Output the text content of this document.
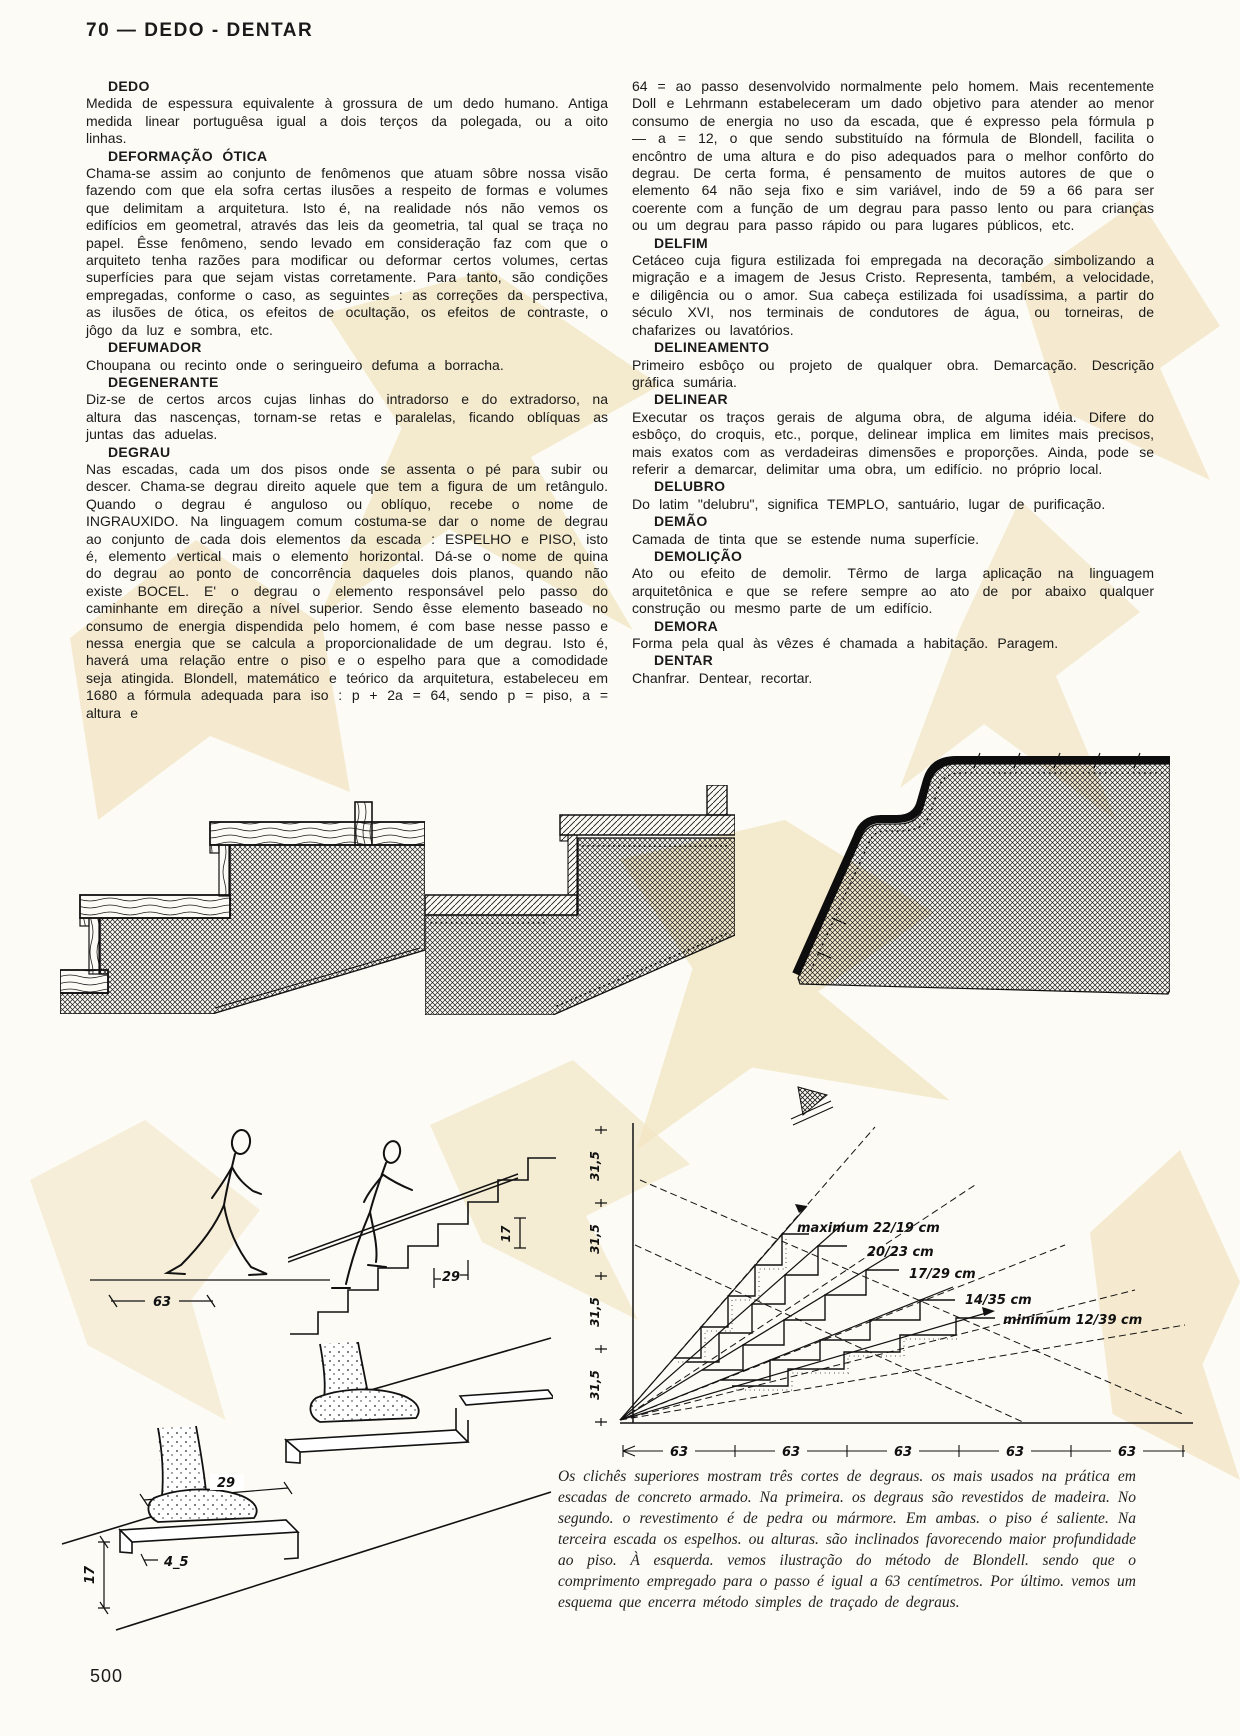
70 — DEDO - DENTAR
DEDO
Medida de espessura equivalente à grossura de um dedo humano. Antiga medida linear portuguêsa igual a dois terços da polegada, ou a oito linhas.
DEFORMAÇÃO ÓTICA
Chama-se assim ao conjunto de fenômenos que atuam sôbre nossa visão fazendo com que ela sofra certas ilusões a respeito de formas e volumes que delimitam a arquitetura. Isto é, na realidade nós não vemos os edifícios em geometral, através das leis da geometria, tal qual se traça no papel. Êsse fenômeno, sendo levado em consideração faz com que o arquiteto tenha razões para modificar ou deformar certos volumes, certas superfícies para que sejam vistas corretamente. Para tanto, são condições empregadas, conforme o caso, as seguintes : as correções da perspectiva, as ilusões de ótica, os efeitos de ocultação, os efeitos de contraste, o jôgo da luz e sombra, etc.
DEFUMADOR
Choupana ou recinto onde o seringueiro defuma a borracha.
DEGENERANTE
Diz-se de certos arcos cujas linhas do intradorso e do extradorso, na altura das nascenças, tornam-se retas e paralelas, ficando oblíquas as juntas das aduelas.
DEGRAU
Nas escadas, cada um dos pisos onde se assenta o pé para subir ou descer. Chama-se degrau direito aquele que tem a figura de um retângulo. Quando o degrau é anguloso ou oblíquo, recebe o nome de INGRAUXIDO. Na linguagem comum costuma-se dar o nome de degrau ao conjunto de cada dois elementos da escada : ESPELHO e PISO, isto é, elemento vertical mais o elemento horizontal. Dá-se o nome de quina do degrau ao ponto de concorrência daqueles dois planos, quando não existe BOCEL. E' o degrau o elemento responsável pelo passo do caminhante em direção a nível superior. Sendo êsse elemento baseado no consumo de energia dispendida pelo homem, é com base nesse passo e nessa energia que se calcula a proporcionalidade de um degrau. Isto é, haverá uma relação entre o piso e o espelho para que a comodidade seja atingida. Blondell, matemático e teórico da arquitetura, estabeleceu em 1680 a fórmula adequada para iso : p + 2a = 64, sendo p = piso, a = altura e
64 = ao passo desenvolvido normalmente pelo homem. Mais recentemente Doll e Lehrmann estabeleceram um dado objetivo para atender ao menor consumo de energia no uso da escada, que é expresso pela fórmula p — a = 12, o que sendo substituído na fórmula de Blondell, facilita o encôntro de uma altura e do piso adequados para o melhor confôrto do degrau. De certa forma, é pensamento de muitos autores de que o elemento 64 não seja fixo e sim variável, indo de 59 a 66 para ser coerente com a função de um degrau para passo lento ou para crianças ou um degrau para passo rápido ou para lugares públicos, etc.
DELFIM
Cetáceo cuja figura estilizada foi empregada na decoração simbolizando a migração e a imagem de Jesus Cristo. Representa, também, a velocidade, e diligência ou o amor. Sua cabeça estilizada foi usadíssima, a partir do século XVI, nos terminais de condutores de água, ou torneiras, de chafarizes ou lavatórios.
DELINEAMENTO
Primeiro esbôço ou projeto de qualquer obra. Demarcação. Descrição gráfica sumária.
DELINEAR
Executar os traços gerais de alguma obra, de alguma idéia. Difere do esbôço, do croquis, etc., porque, delinear implica em limites mais precisos, mais exatos com as verdadeiras dimensões e proporções. Ainda, pode se referir a demarcar, delimitar uma obra, um edifício. no próprio local.
DELUBRO
Do latim "delubru", significa TEMPLO, santuário, lugar de purificação.
DEMÃO
Camada de tinta que se estende numa superfície.
DEMOLIÇÃO
Ato ou efeito de demolir. Têrmo de larga aplicação na linguagem arquitetônica e que se refere sempre ao ato de por abaixo qualquer construção ou mesmo parte de um edifício.
DEMORA
Forma pela qual às vêzes é chamada a habitação. Paragem.
DENTAR
Chanfrar. Dentear, recortar.
63
29
17
29
17
4_5
31,5
31,5
31,5
31,5
63	63	63	63	63
maximum 22/19 cm
20/23 cm
17/29 cm
14/35 cm
minimum 12/39 cm
Os clichês superiores mostram três cortes de degraus. os mais usados na prática em escadas de concreto armado. Na primeira. os degraus são revestidos de madeira. No segundo. o revestimento é de pedra ou mármore. Em ambas. o piso é saliente. Na terceira escada os espelhos. ou alturas. são inclinados favorecendo maior profundidade ao piso. À esquerda. vemos ilustração do método de Blondell. sendo que o comprimento empregado para o passo é igual a 63 centímetros. Por último. vemos um esquema que encerra método simples de traçado de degraus.
500
